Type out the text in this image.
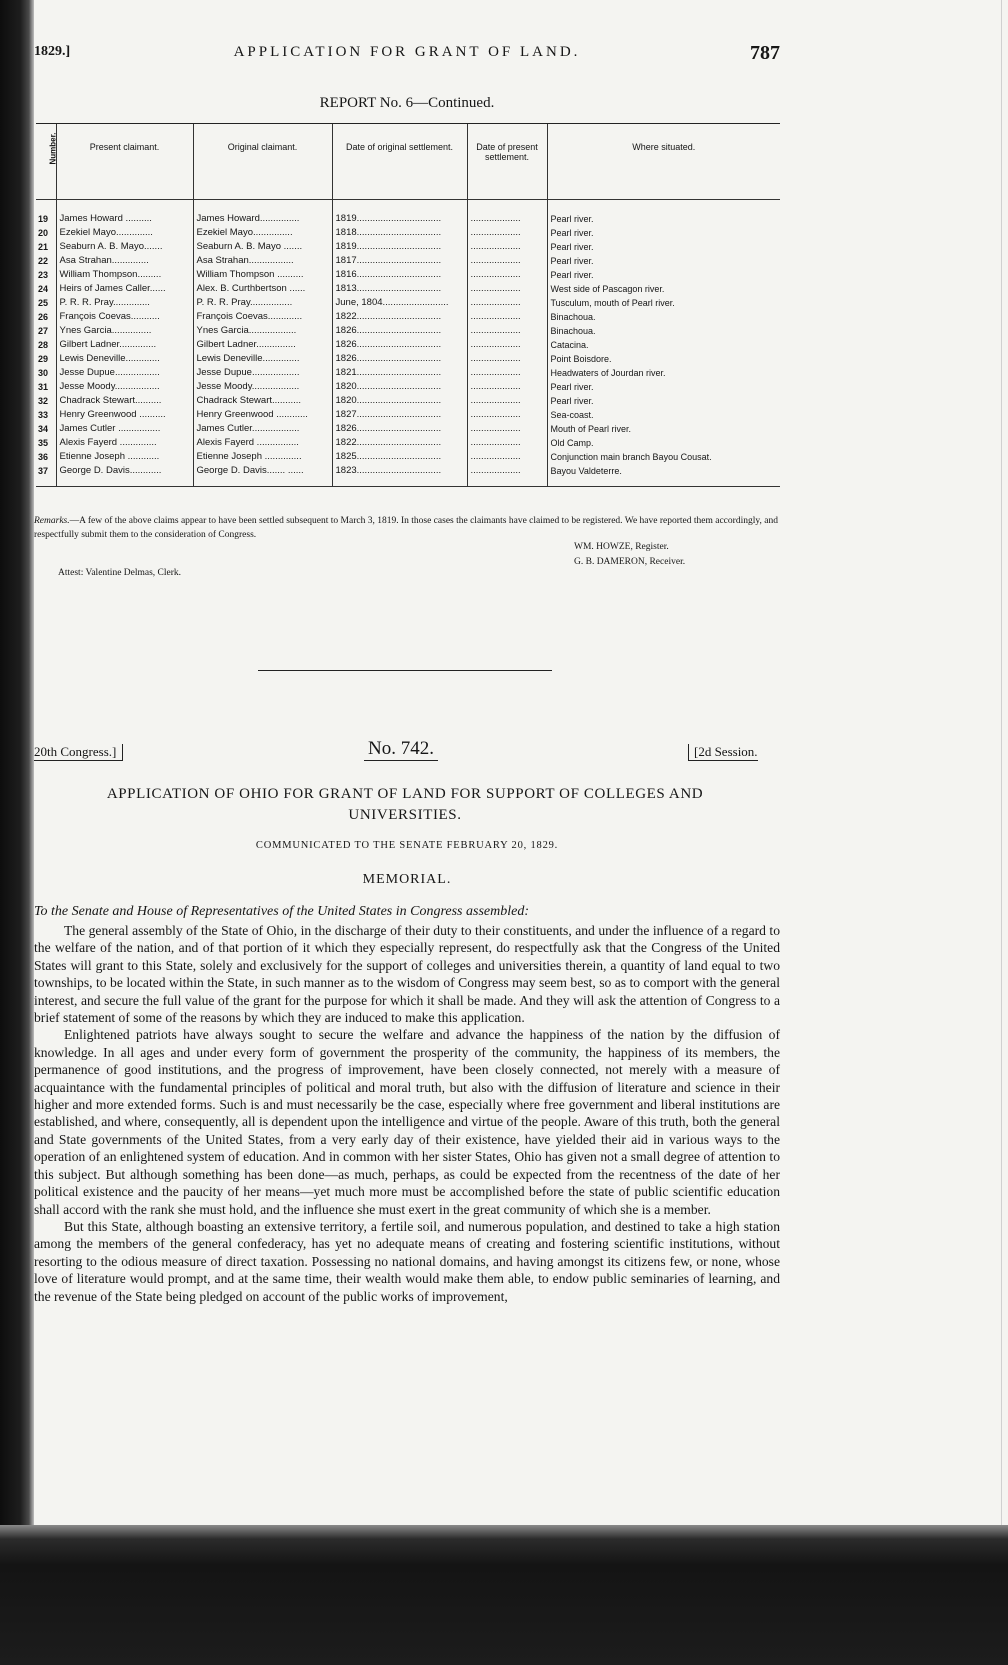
1829.]	APPLICATION FOR GRANT OF LAND.	787
REPORT No. 6—Continued.
Number.	Present claimant.	Original claimant.	Date of original settlement.	Date of present settlement.	Where situated.
19	James Howard ..........	James Howard...............	1819................................	...................	Pearl river.
20	Ezekiel Mayo..............	Ezekiel Mayo...............	1818................................	...................	Pearl river.
21	Seaburn A. B. Mayo.......	Seaburn A. B. Mayo .......	1819................................	...................	Pearl river.
22	Asa Strahan..............	Asa Strahan.................	1817................................	...................	Pearl river.
23	William Thompson.........	William Thompson ..........	1816................................	...................	Pearl river.
24	Heirs of James Caller......	Alex. B. Curthbertson ......	1813................................	...................	West side of Pascagon river.
25	P. R. R. Pray..............	P. R. R. Pray................	June, 1804.........................	...................	Tusculum, mouth of Pearl river.
26	François Coevas...........	François Coevas.............	1822................................	...................	Binachoua.
27	Ynes Garcia...............	Ynes Garcia..................	1826................................	...................	Binachoua.
28	Gilbert Ladner..............	Gilbert Ladner...............	1826................................	...................	Catacina.
29	Lewis Deneville.............	Lewis Deneville..............	1826................................	...................	Point Boisdore.
30	Jesse Dupue.................	Jesse Dupue..................	1821................................	...................	Headwaters of Jourdan river.
31	Jesse Moody.................	Jesse Moody..................	1820................................	...................	Pearl river.
32	Chadrack Stewart..........	Chadrack Stewart...........	1820................................	...................	Pearl river.
33	Henry Greenwood ..........	Henry Greenwood ............	1827................................	...................	Sea-coast.
34	James Cutler ................	James Cutler..................	1826................................	...................	Mouth of Pearl river.
35	Alexis Fayerd ..............	Alexis Fayerd ................	1822................................	...................	Old Camp.
36	Etienne Joseph ............	Etienne Joseph ..............	1825................................	...................	Conjunction main branch Bayou Cousat.
37	George D. Davis............	George D. Davis....... ......	1823................................	...................	Bayou Valdeterre.
Remarks.—A few of the above claims appear to have been settled subsequent to March 3, 1819. In those cases the claimants have claimed to be registered. We have reported them accordingly, and respectfully submit them to the consideration of Congress.
WM. HOWZE, Register.
G. B. DAMERON, Receiver.
Attest: Valentine Delmas, Clerk.
20th Congress.]	No. 742.	[2d Session.
APPLICATION OF OHIO FOR GRANT OF LAND FOR SUPPORT OF COLLEGES AND UNIVERSITIES.
COMMUNICATED TO THE SENATE FEBRUARY 20, 1829.
MEMORIAL.
To the Senate and House of Representatives of the United States in Congress assembled:

The general assembly of the State of Ohio, in the discharge of their duty to their constituents, and under the influence of a regard to the welfare of the nation, and of that portion of it which they especially represent, do respectfully ask that the Congress of the United States will grant to this State, solely and exclusively for the support of colleges and universities therein, a quantity of land equal to two townships, to be located within the State, in such manner as to the wisdom of Congress may seem best, so as to comport with the general interest, and secure the full value of the grant for the purpose for which it shall be made. And they will ask the attention of Congress to a brief statement of some of the reasons by which they are induced to make this application.

Enlightened patriots have always sought to secure the welfare and advance the happiness of the nation by the diffusion of knowledge. In all ages and under every form of government the prosperity of the community, the happiness of its members, the permanence of good institutions, and the progress of improvement, have been closely connected, not merely with a measure of acquaintance with the fundamental principles of political and moral truth, but also with the diffusion of literature and science in their higher and more extended forms. Such is and must necessarily be the case, especially where free government and liberal institutions are established, and where, consequently, all is dependent upon the intelligence and virtue of the people. Aware of this truth, both the general and State governments of the United States, from a very early day of their existence, have yielded their aid in various ways to the operation of an enlightened system of education. And in common with her sister States, Ohio has given not a small degree of attention to this subject. But although something has been done—as much, perhaps, as could be expected from the recentness of the date of her political existence and the paucity of her means—yet much more must be accomplished before the state of public scientific education shall accord with the rank she must hold, and the influence she must exert in the great community of which she is a member.

But this State, although boasting an extensive territory, a fertile soil, and numerous population, and destined to take a high station among the members of the general confederacy, has yet no adequate means of creating and fostering scientific institutions, without resorting to the odious measure of direct taxation. Possessing no national domains, and having amongst its citizens few, or none, whose love of literature would prompt, and at the same time, their wealth would make them able, to endow public seminaries of learning, and the revenue of the State being pledged on account of the public works of improvement,
